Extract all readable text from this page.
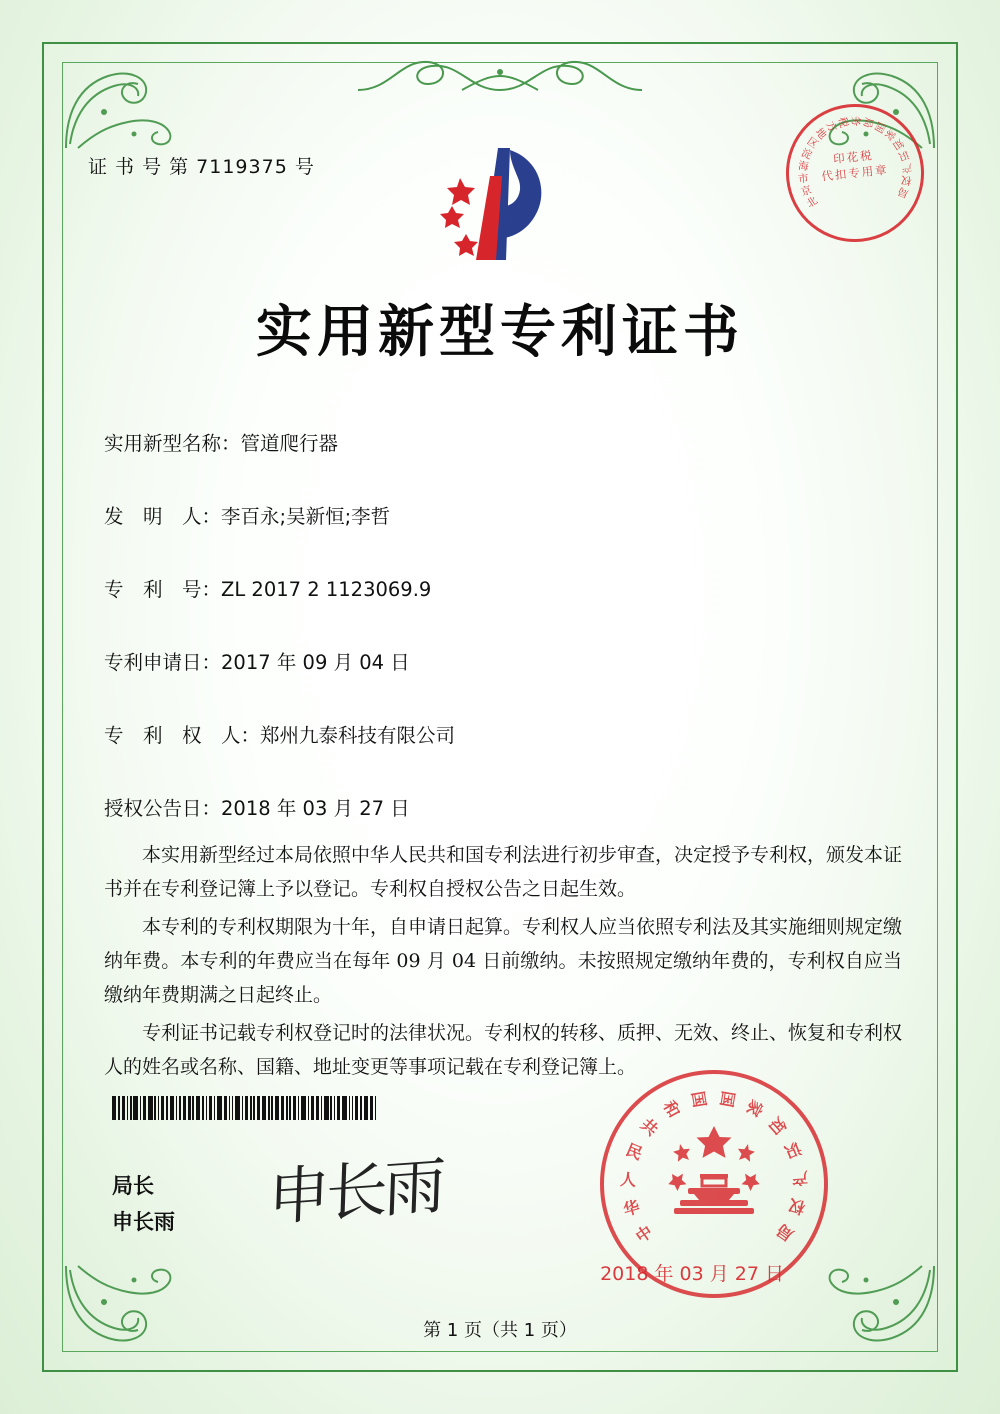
证 书 号 第 7119375 号
北
京
市
海
淀
区
地
方
税 务 局
国
家
知
识
产
权
局
印花税
代扣专用章
实用新型专利证书
实用新型名称：管道爬行器
发　明　人：李百永;吴新恒;李哲
专　利　号：ZL 2017 2 1123069.9
专利申请日：2017 年 09 月 04 日
专　利　权　人：郑州九泰科技有限公司
授权公告日：2018 年 03 月 27 日

本实用新型经过本局依照中华人民共和国专利法进行初步审查，决定授予专利权，颁发本证书并在专利登记簿上予以登记。专利权自授权公告之日起生效。

本专利的专利权期限为十年，自申请日起算。专利权人应当依照专利法及其实施细则规定缴纳年费。本专利的年费应当在每年 09 月 04 日前缴纳。未按照规定缴纳年费的，专利权自应当缴纳年费期满之日起终止。

专利证书记载专利权登记时的法律状况。专利权的转移、质押、无效、终止、恢复和专利权人的姓名或名称、国籍、地址变更等事项记载在专利登记簿上。

局长
申长雨 申长雨	中
华
人
民
共
和 国 国 家
知
识
产
权
局
2018 年 03 月 27 日
第 1 页（共 1 页）
